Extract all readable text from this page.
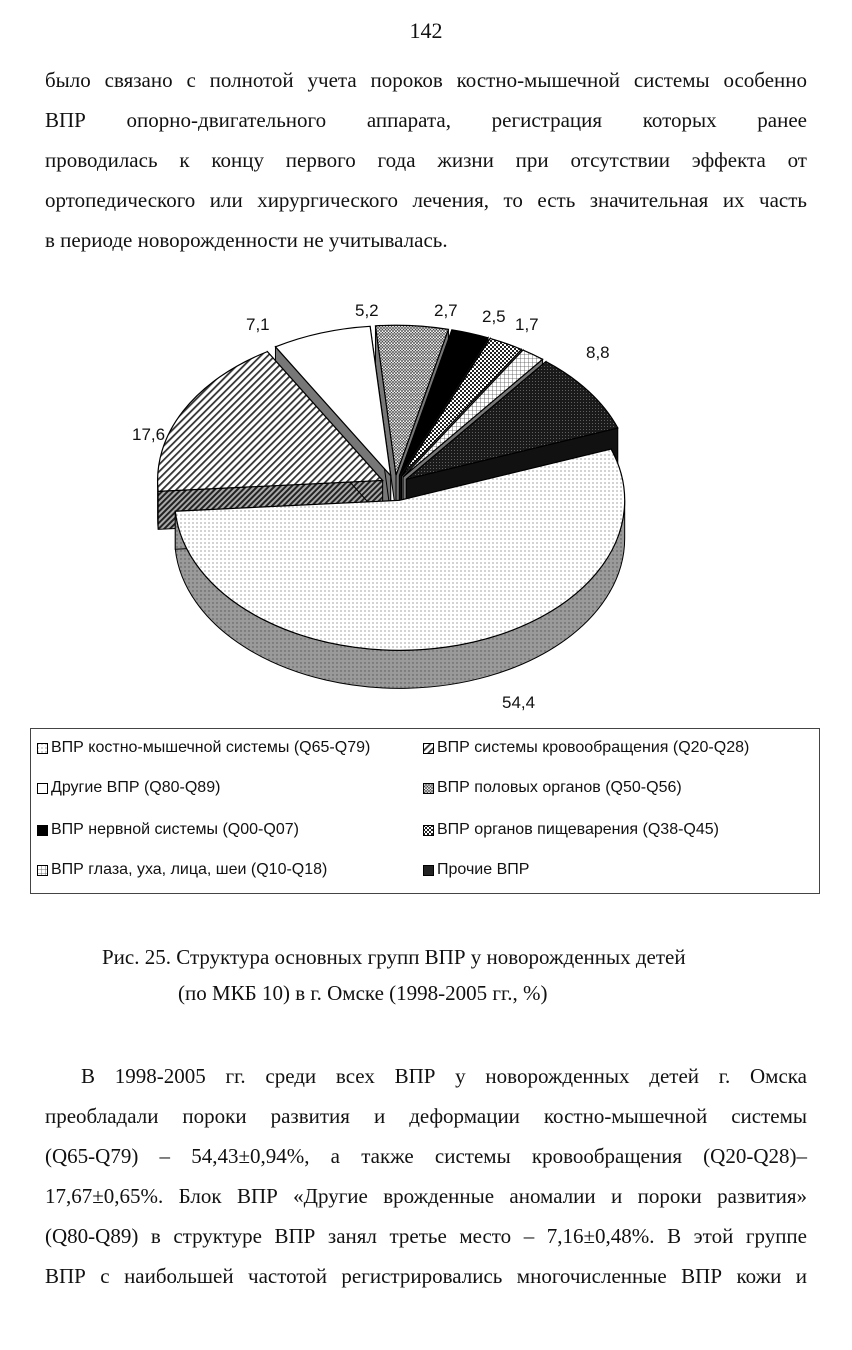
142
было связано с полнотой учета пороков костно-мышечной системы особенно
ВПР опорно-двигательного аппарата, регистрация которых ранее
проводилась к концу первого года жизни при отсутствии эффекта от
ортопедического или хирургического лечения, то есть значительная их часть
в периоде новорожденности не учитывалась.
54,4
17,6
7,1
5,2	2,7 2,5 1,7
8,8
ВПР костно-мышечной системы (Q65-Q79)	ВПР системы кровообращения (Q20-Q28)
Другие ВПР (Q80-Q89)	ВПР половых органов (Q50-Q56)
ВПР нервной системы (Q00-Q07)	ВПР органов пищеварения (Q38-Q45)
ВПР глаза, уха, лица, шеи (Q10-Q18)	Прочие ВПР
Рис. 25. Структура основных групп ВПР у новорожденных детей
(по МКБ 10) в г. Омске (1998-2005 гг., %)
В 1998-2005 гг. среди всех ВПР у новорожденных детей г. Омска
преобладали пороки развития и деформации костно-мышечной системы
(Q65-Q79) – 54,43±0,94%, а также системы кровообращения (Q20-Q28)–
17,67±0,65%. Блок ВПР «Другие врожденные аномалии и пороки развития»
(Q80-Q89) в структуре ВПР занял третье место – 7,16±0,48%. В этой группе
ВПР с наибольшей частотой регистрировались многочисленные ВПР кожи и
